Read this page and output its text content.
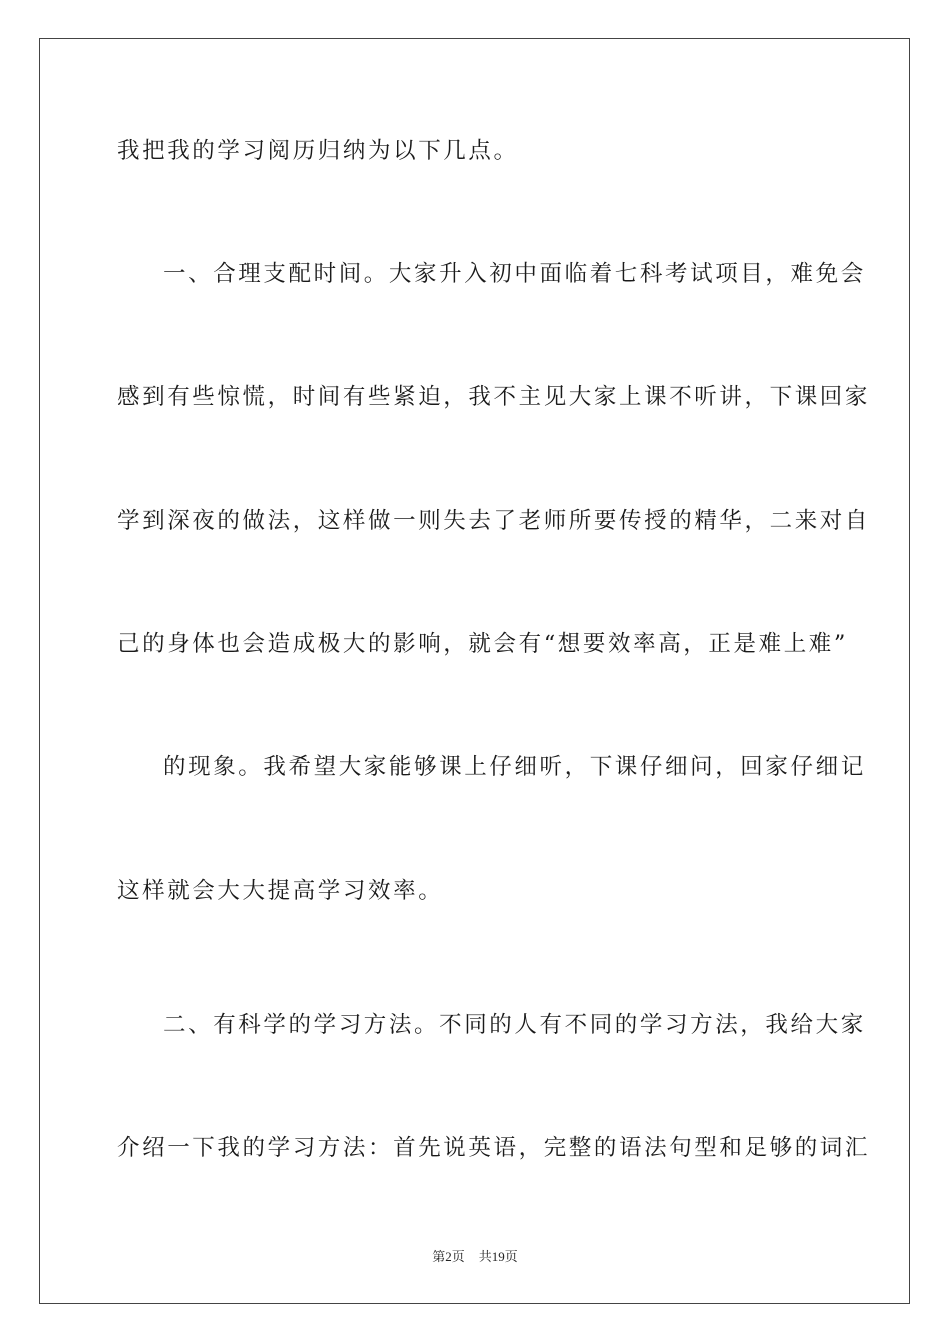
我把我的学习阅历归纳为以下几点。
一、合理支配时间。大家升入初中面临着七科考试项目，难免会
感到有些惊慌，时间有些紧迫，我不主见大家上课不听讲，下课回家
学到深夜的做法，这样做一则失去了老师所要传授的精华，二来对自
己的身体也会造成极大的影响，就会有“想要效率高，正是难上难”
的现象。我希望大家能够课上仔细听，下课仔细问，回家仔细记
这样就会大大提高学习效率。
二、有科学的学习方法。不同的人有不同的学习方法，我给大家
介绍一下我的学习方法：首先说英语，完整的语法句型和足够的词汇
第2页 共19页
